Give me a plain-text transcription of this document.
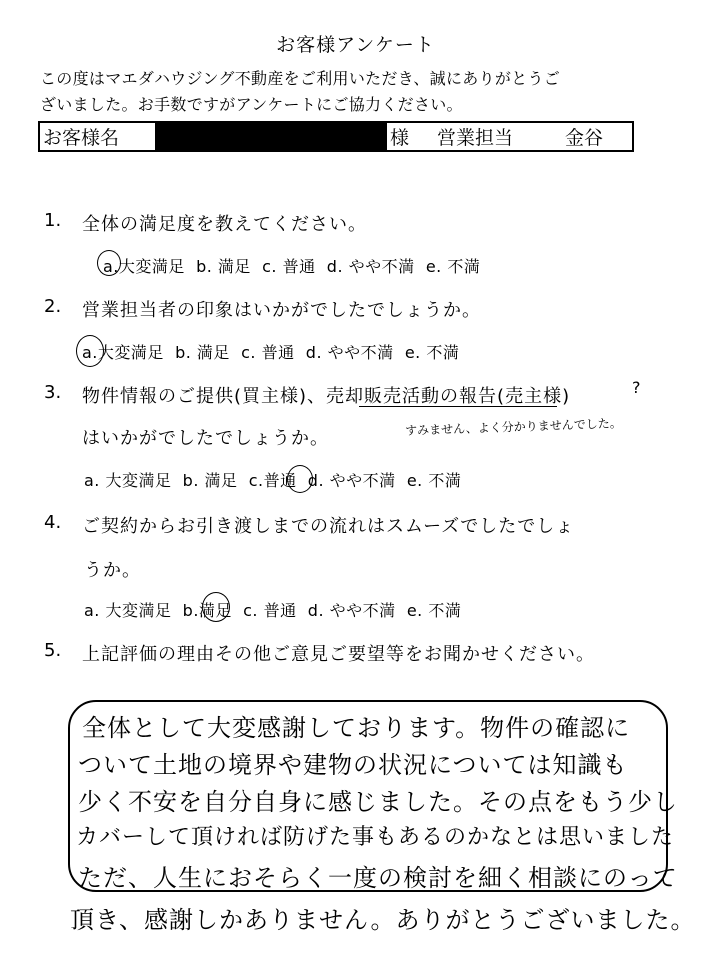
お客様アンケート
この度はマエダハウジング不動産をご利用いただき、誠にありがとうご
ざいました。お手数ですがアンケートにご協力ください。
お客様名	様 営業担当	金谷
1. 全体の満足度を教えてください。
a.大変満足 b. 満足 c. 普通 d. やや不満 e. 不満
2. 営業担当者の印象はいかがでしたでしょうか。
a.大変満足 b. 満足 c. 普通 d. やや不満 e. 不満
3. 物件情報のご提供(買主様)、売却販売活動の報告(売主様)	?
はいかがでしたでしょうか。
すみません、よく分かりませんでした。
a. 大変満足 b. 満足 c.普通 d. やや不満 e. 不満
4. ご契約からお引き渡しまでの流れはスムーズでしたでしょ
うか。
a. 大変満足 b.満足 c. 普通 d. やや不満 e. 不満
5. 上記評価の理由その他ご意見ご要望等をお聞かせください。
全体として大変感謝しております。物件の確認に
ついて土地の境界や建物の状況については知識も
少く不安を自分自身に感じました。その点をもう少し
カバーして頂ければ防げた事もあるのかなとは思いました
ただ、人生におそらく一度の検討を細く相談にのって
頂き、感謝しかありません。ありがとうございました。
